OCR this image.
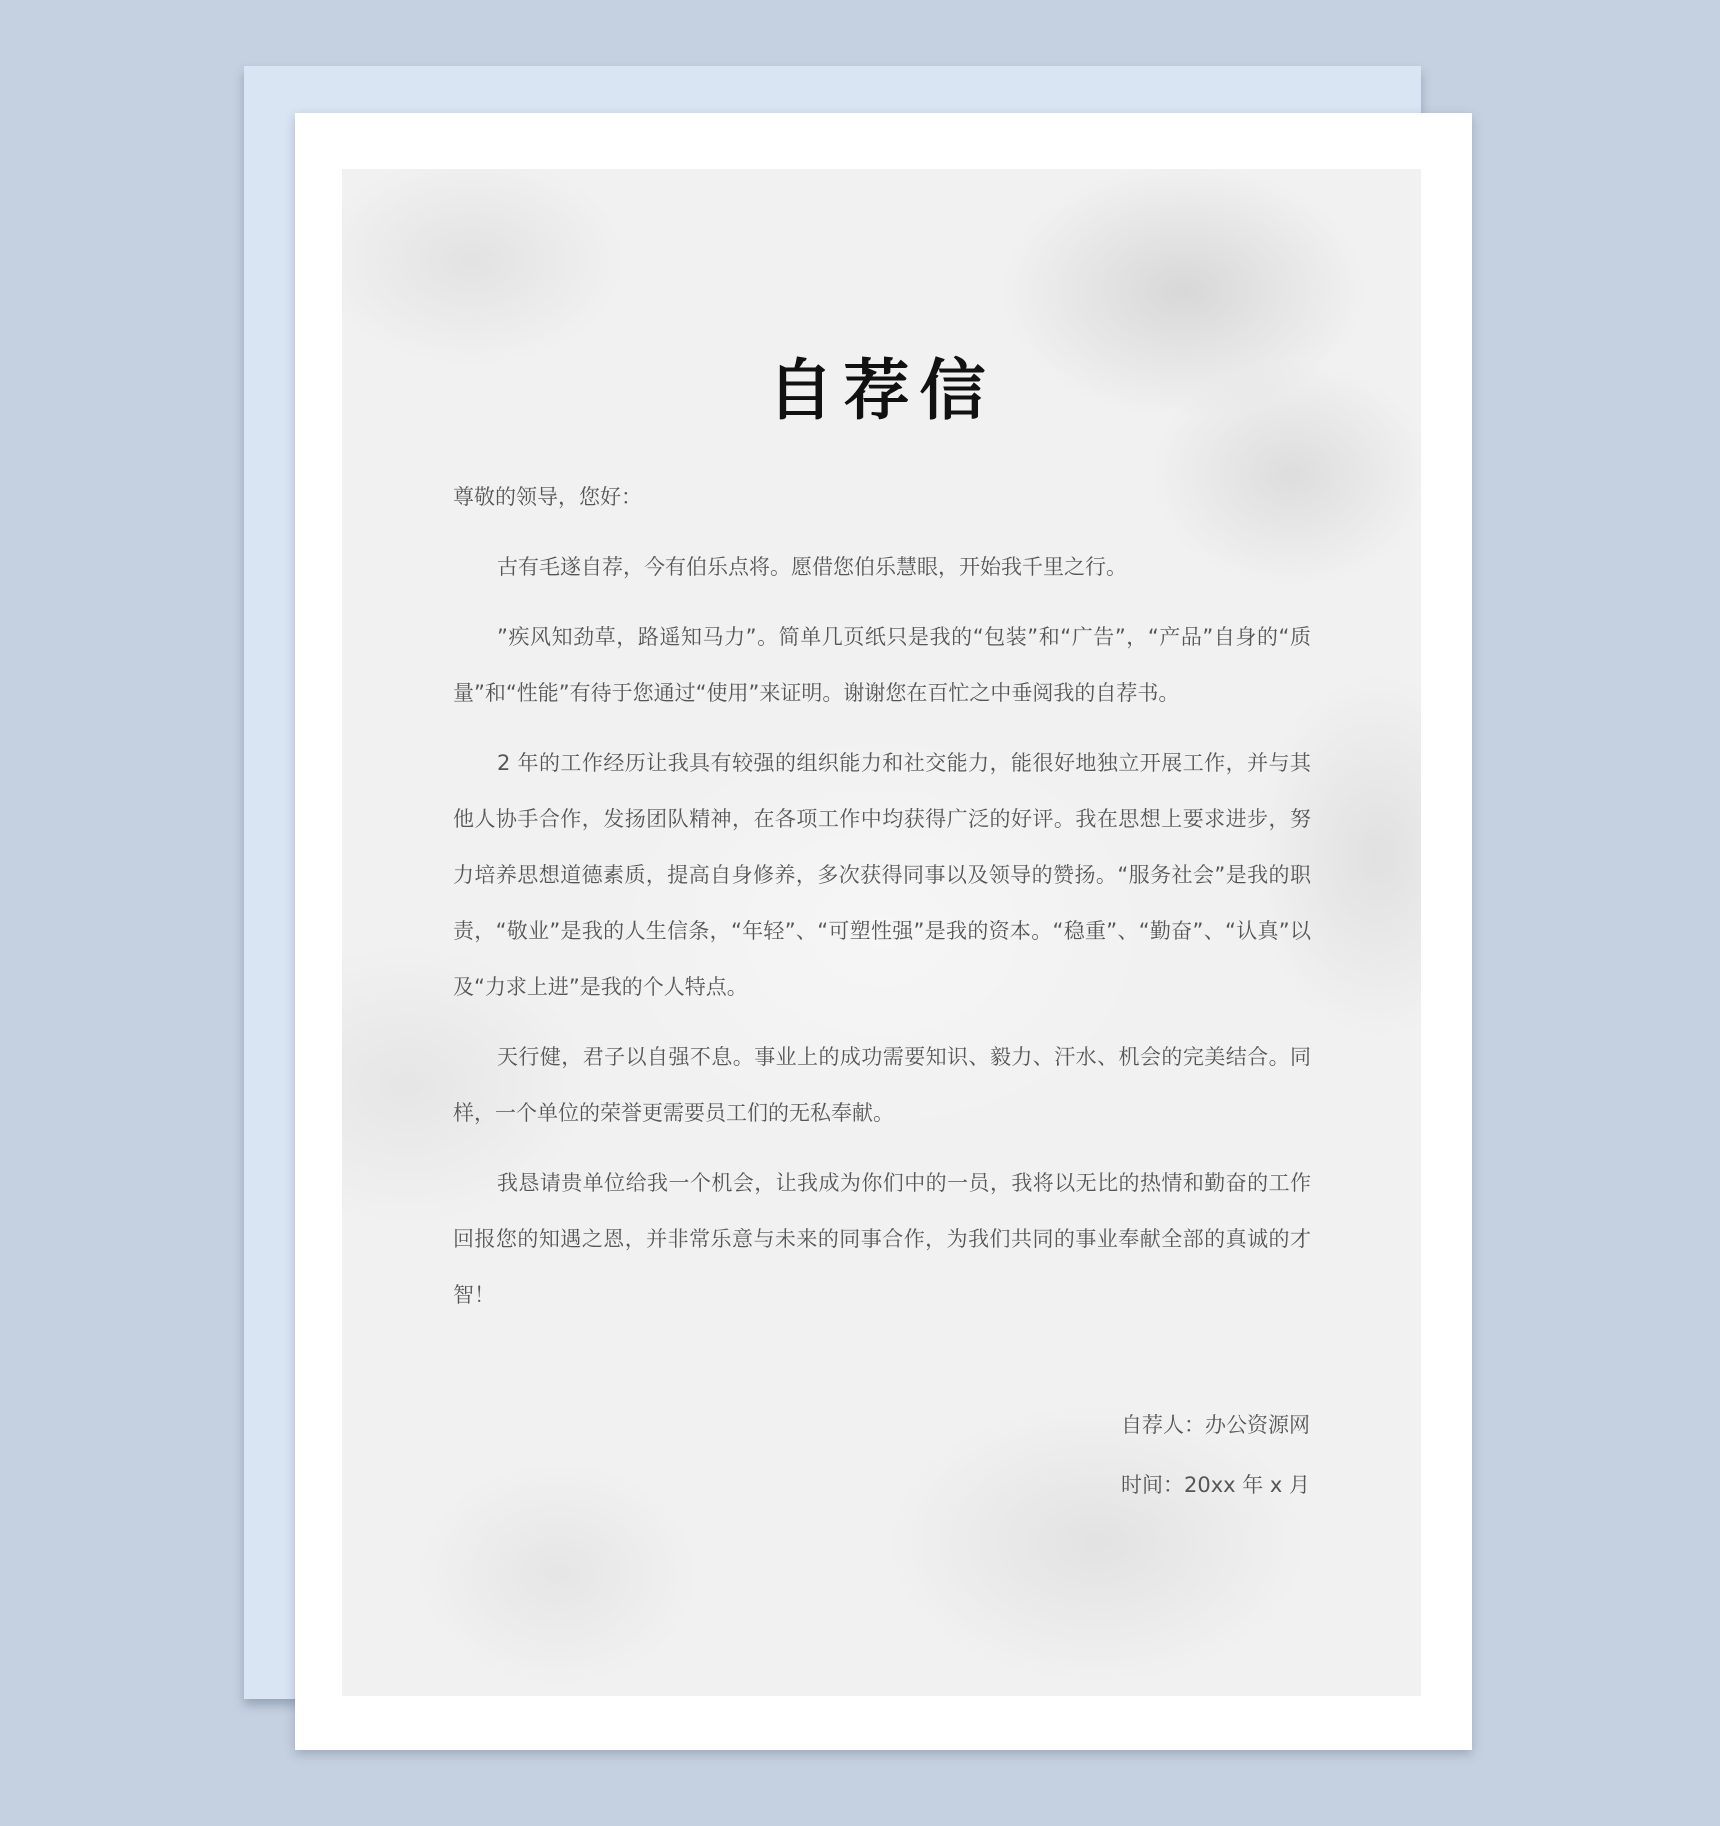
自荐信

尊敬的领导，您好：

古有毛遂自荐，今有伯乐点将。愿借您伯乐慧眼，开始我千里之行。

”疾风知劲草，路遥知马力”。简单几页纸只是我的“包装”和“广告”，“产品”自身的“质量”和“性能”有待于您通过“使用”来证明。谢谢您在百忙之中垂阅我的自荐书。

2 年的工作经历让我具有较强的组织能力和社交能力，能很好地独立开展工作，并与其他人协手合作，发扬团队精神，在各项工作中均获得广泛的好评。我在思想上要求进步，努力培养思想道德素质，提高自身修养，多次获得同事以及领导的赞扬。“服务社会”是我的职责，“敬业”是我的人生信条，“年轻”、“可塑性强”是我的资本。“稳重”、“勤奋”、“认真”以及“力求上进”是我的个人特点。

天行健，君子以自强不息。事业上的成功需要知识、毅力、汗水、机会的完美结合。同样，一个单位的荣誉更需要员工们的无私奉献。

我恳请贵单位给我一个机会，让我成为你们中的一员，我将以无比的热情和勤奋的工作回报您的知遇之恩，并非常乐意与未来的同事合作，为我们共同的事业奉献全部的真诚的才智！

自荐人：办公资源网
时间：20xx 年 x 月
